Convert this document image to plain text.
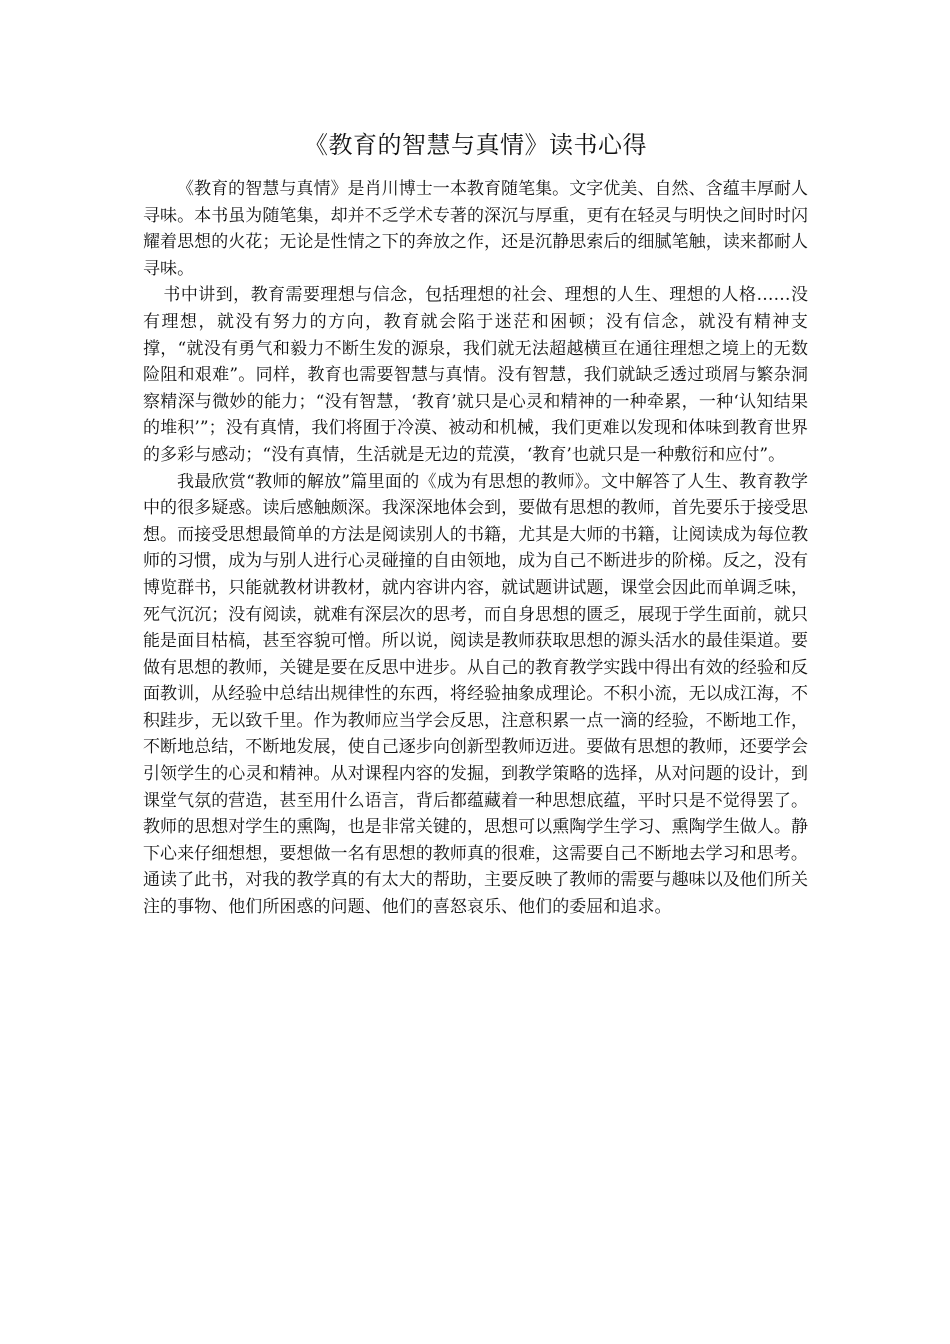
《教育的智慧与真情》读书心得

《教育的智慧与真情》是肖川博士一本教育随笔集。文字优美、自然、含蕴丰厚耐人寻味。本书虽为随笔集，却并不乏学术专著的深沉与厚重，更有在轻灵与明快之间时时闪耀着思想的火花；无论是性情之下的奔放之作，还是沉静思索后的细腻笔触，读来都耐人寻味。

书中讲到，教育需要理想与信念，包括理想的社会、理想的人生、理想的人格……没有理想，就没有努力的方向，教育就会陷于迷茫和困顿；没有信念，就没有精神支撑，“就没有勇气和毅力不断生发的源泉，我们就无法超越横亘在通往理想之境上的无数险阻和艰难”。同样，教育也需要智慧与真情。没有智慧，我们就缺乏透过琐屑与繁杂洞察精深与微妙的能力；“没有智慧，‘教育’就只是心灵和精神的一种牵累，一种‘认知结果的堆积’”；没有真情，我们将囿于冷漠、被动和机械，我们更难以发现和体味到教育世界的多彩与感动；“没有真情，生活就是无边的荒漠，‘教育’也就只是一种敷衍和应付”。

我最欣赏“教师的解放”篇里面的《成为有思想的教师》。文中解答了人生、教育教学中的很多疑惑。读后感触颇深。我深深地体会到，要做有思想的教师，首先要乐于接受思想。而接受思想最简单的方法是阅读别人的书籍，尤其是大师的书籍，让阅读成为每位教师的习惯，成为与别人进行心灵碰撞的自由领地，成为自己不断进步的阶梯。反之，没有博览群书，只能就教材讲教材，就内容讲内容，就试题讲试题，课堂会因此而单调乏味，死气沉沉；没有阅读，就难有深层次的思考，而自身思想的匮乏，展现于学生面前，就只能是面目枯槁，甚至容貌可憎。所以说，阅读是教师获取思想的源头活水的最佳渠道。要做有思想的教师，关键是要在反思中进步。从自己的教育教学实践中得出有效的经验和反面教训，从经验中总结出规律性的东西，将经验抽象成理论。不积小流，无以成江海，不积跬步，无以致千里。作为教师应当学会反思，注意积累一点一滴的经验，不断地工作，不断地总结，不断地发展，使自己逐步向创新型教师迈进。要做有思想的教师，还要学会引领学生的心灵和精神。从对课程内容的发掘，到教学策略的选择，从对问题的设计，到课堂气氛的营造，甚至用什么语言，背后都蕴藏着一种思想底蕴，平时只是不觉得罢了。教师的思想对学生的熏陶，也是非常关键的，思想可以熏陶学生学习、熏陶学生做人。静下心来仔细想想，要想做一名有思想的教师真的很难，这需要自己不断地去学习和思考。

通读了此书，对我的教学真的有太大的帮助，主要反映了教师的需要与趣味以及他们所关注的事物、他们所困惑的问题、他们的喜怒哀乐、他们的委屈和追求。
